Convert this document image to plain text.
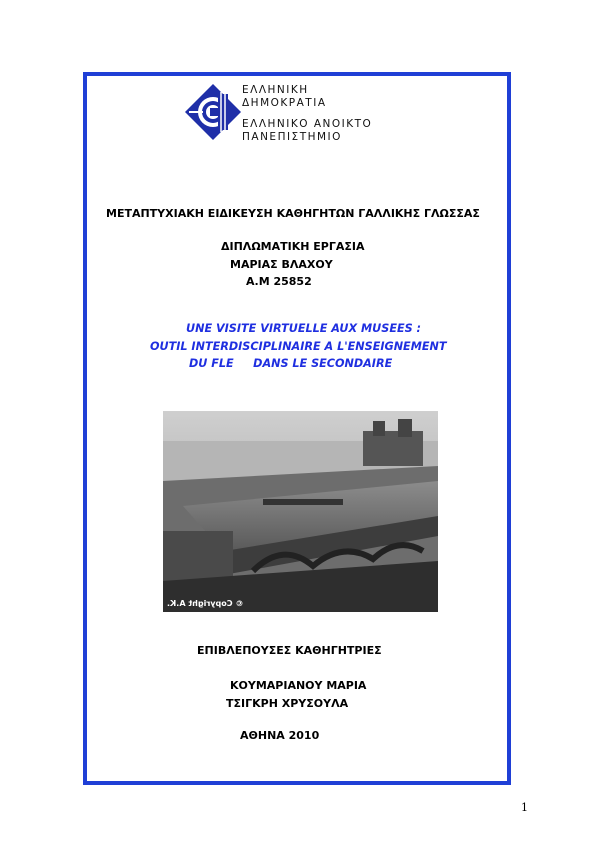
ΕΛΛΗΝΙΚΗ
ΔΗΜΟΚΡΑΤΙΑ
ΕΛΛΗΝΙΚΟ ΑΝΟΙΚΤΟ
ΠΑΝΕΠΙΣΤΗΜΙΟ
ΜΕΤΑΠΤΥΧΙΑΚΗ ΕΙΔΙΚΕΥΣΗ ΚΑΘΗΓΗΤΩΝ ΓΑΛΛΙΚΗΣ ΓΛΩΣΣΑΣ
ΔΙΠΛΩΜΑΤΙΚΗ ΕΡΓΑΣΙΑ
ΜΑΡΙΑΣ ΒΛΑΧΟΥ
Α.Μ 25852
UNE VISITE VIRTUELLE AUX MUSEES :
OUTIL INTERDISCIPLINAIRE A L'ENSEIGNEMENT
DU FLE     DANS LE SECONDAIRE
© Copyright A.K.
ΕΠΙΒΛΕΠΟΥΣΕΣ ΚΑΘΗΓΗΤΡΙΕΣ
ΚΟΥΜΑΡΙΑΝΟΥ ΜΑΡΙΑ
ΤΣΙΓΚΡΗ ΧΡΥΣΟΥΛΑ
ΑΘΗΝΑ 2010
1
